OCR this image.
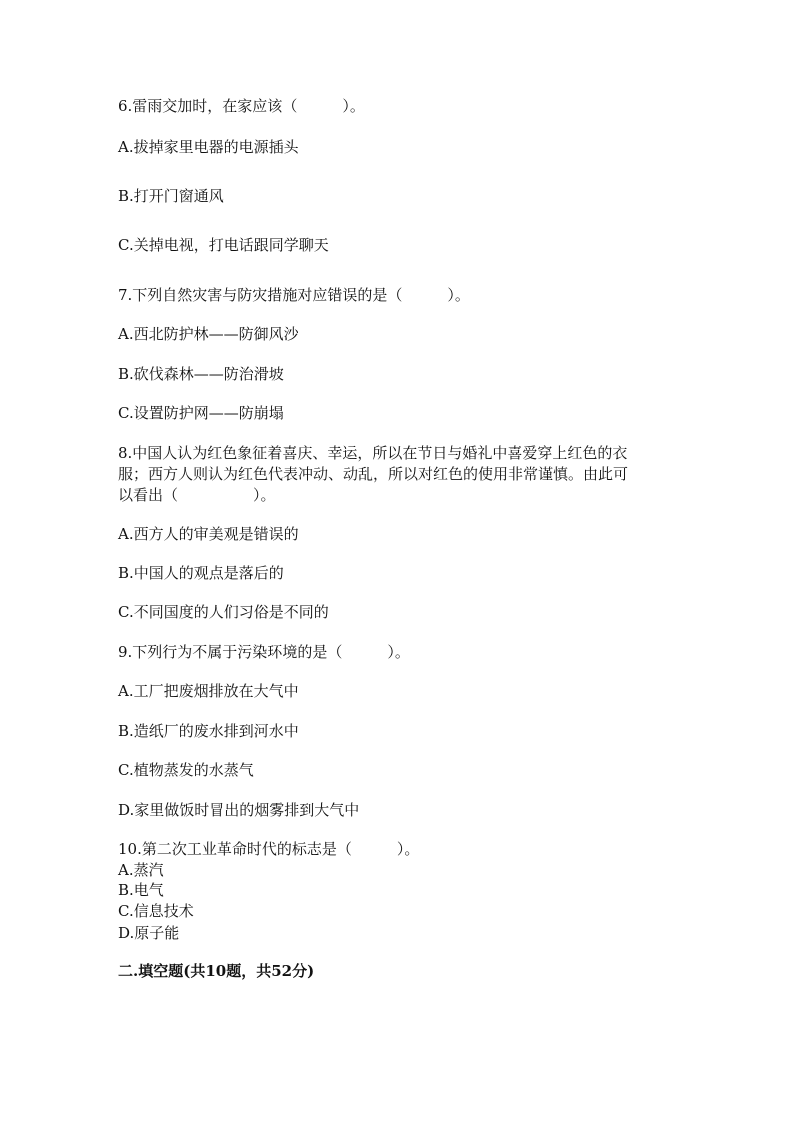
6.雷雨交加时，在家应该（　　　）。

A.拔掉家里电器的电源插头

B.打开门窗通风

C.关掉电视，打电话跟同学聊天

7.下列自然灾害与防灾措施对应错误的是（　　　）。

A.西北防护林——防御风沙

B.砍伐森林——防治滑坡

C.设置防护网——防崩塌

8.中国人认为红色象征着喜庆、幸运，所以在节日与婚礼中喜爱穿上红色的衣

服；西方人则认为红色代表冲动、动乱，所以对红色的使用非常谨慎。由此可

以看出（　　　　　）。

A.西方人的审美观是错误的

B.中国人的观点是落后的

C.不同国度的人们习俗是不同的

9.下列行为不属于污染环境的是（　　　）。

A.工厂把废烟排放在大气中

B.造纸厂的废水排到河水中

C.植物蒸发的水蒸气

D.家里做饭时冒出的烟雾排到大气中

10.第二次工业革命时代的标志是（　　　）。

A.蒸汽

B.电气

C.信息技术

D.原子能

二.填空题(共10题，共52分)
